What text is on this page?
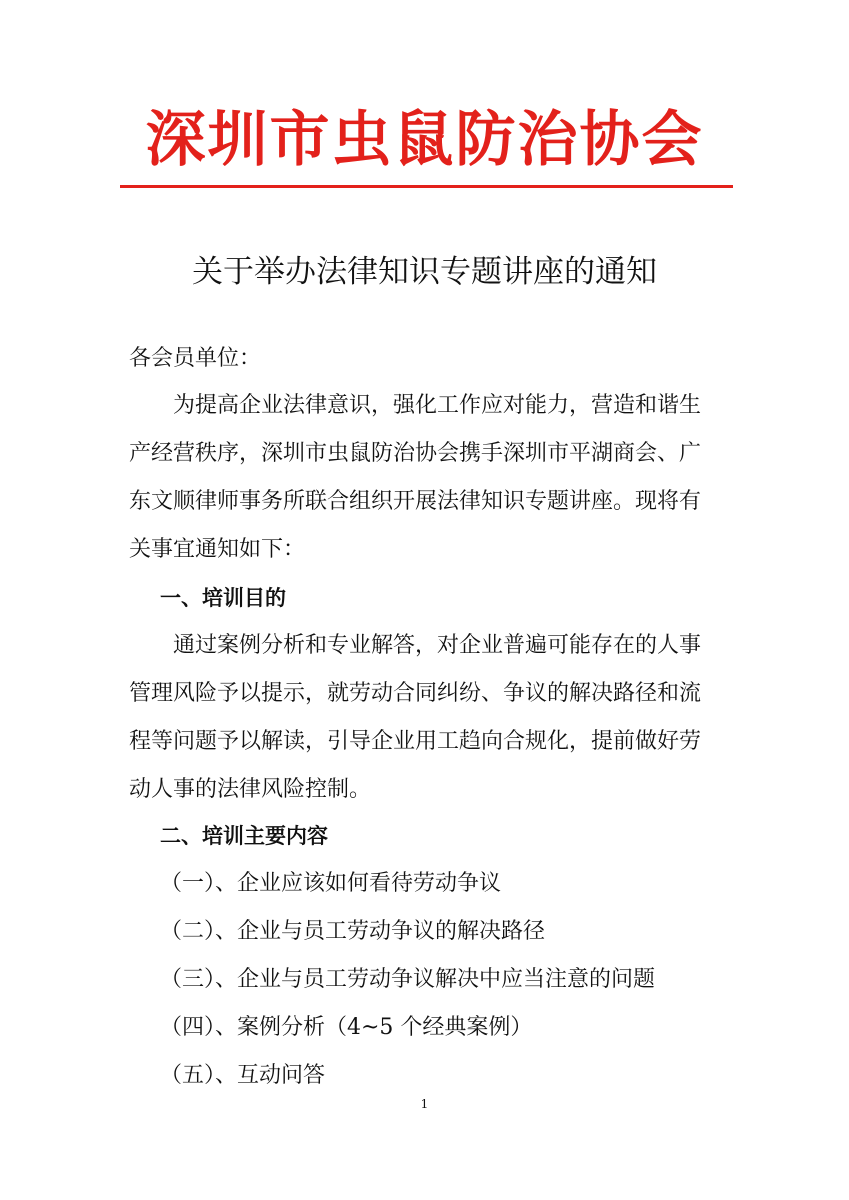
深圳市虫鼠防治协会
关于举办法律知识专题讲座的通知
各会员单位：
为提高企业法律意识，强化工作应对能力，营造和谐生
产经营秩序，深圳市虫鼠防治协会携手深圳市平湖商会、广
东文顺律师事务所联合组织开展法律知识专题讲座。现将有
关事宜通知如下：
一、培训目的
通过案例分析和专业解答，对企业普遍可能存在的人事
管理风险予以提示，就劳动合同纠纷、争议的解决路径和流
程等问题予以解读，引导企业用工趋向合规化，提前做好劳
动人事的法律风险控制。
二、培训主要内容
（一）、企业应该如何看待劳动争议
（二）、企业与员工劳动争议的解决路径
（三）、企业与员工劳动争议解决中应当注意的问题
（四）、案例分析（4~5 个经典案例）
（五）、互动问答
1
